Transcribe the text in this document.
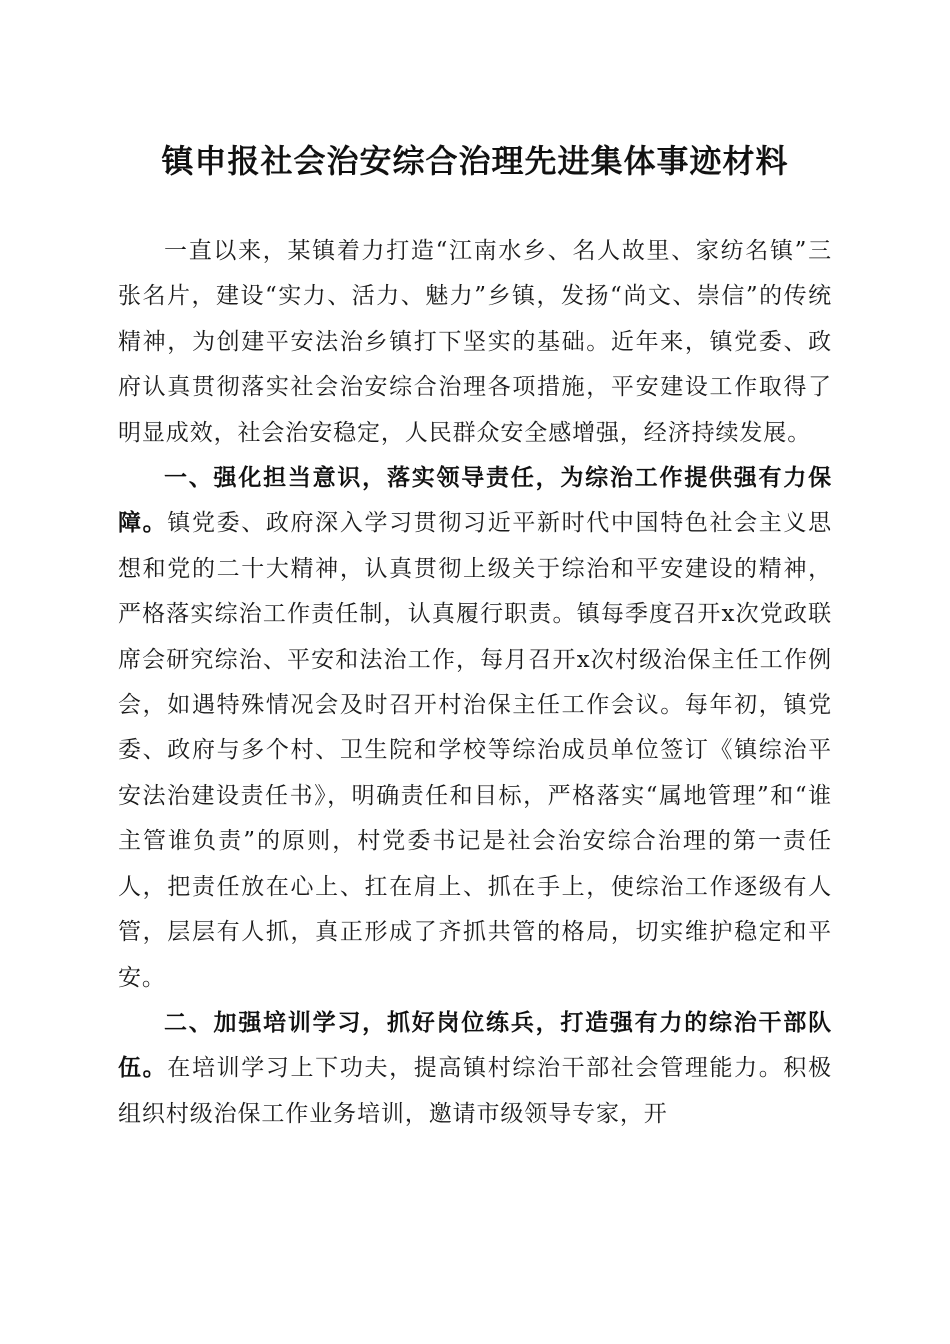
镇申报社会治安综合治理先进集体事迹材料

一直以来，某镇着力打造“江南水乡、名人故里、家纺名镇”三张名片，建设“实力、活力、魅力”乡镇，发扬“尚文、崇信”的传统精神，为创建平安法治乡镇打下坚实的基础。近年来，镇党委、政府认真贯彻落实社会治安综合治理各项措施，平安建设工作取得了明显成效，社会治安稳定，人民群众安全感增强，经济持续发展。

一、强化担当意识，落实领导责任，为综治工作提供强有力保障。镇党委、政府深入学习贯彻习近平新时代中国特色社会主义思想和党的二十大精神，认真贯彻上级关于综治和平安建设的精神，严格落实综治工作责任制，认真履行职责。镇每季度召开x次党政联席会研究综治、平安和法治工作，每月召开x次村级治保主任工作例会，如遇特殊情况会及时召开村治保主任工作会议。每年初，镇党委、政府与多个村、卫生院和学校等综治成员单位签订《镇综治平安法治建设责任书》，明确责任和目标，严格落实“属地管理”和“谁主管谁负责”的原则，村党委书记是社会治安综合治理的第一责任人，把责任放在心上、扛在肩上、抓在手上，使综治工作逐级有人管，层层有人抓，真正形成了齐抓共管的格局，切实维护稳定和平安。

二、加强培训学习，抓好岗位练兵，打造强有力的综治干部队伍。在培训学习上下功夫，提高镇村综治干部社会管理能力。积极组织村级治保工作业务培训，邀请市级领导专家，开
